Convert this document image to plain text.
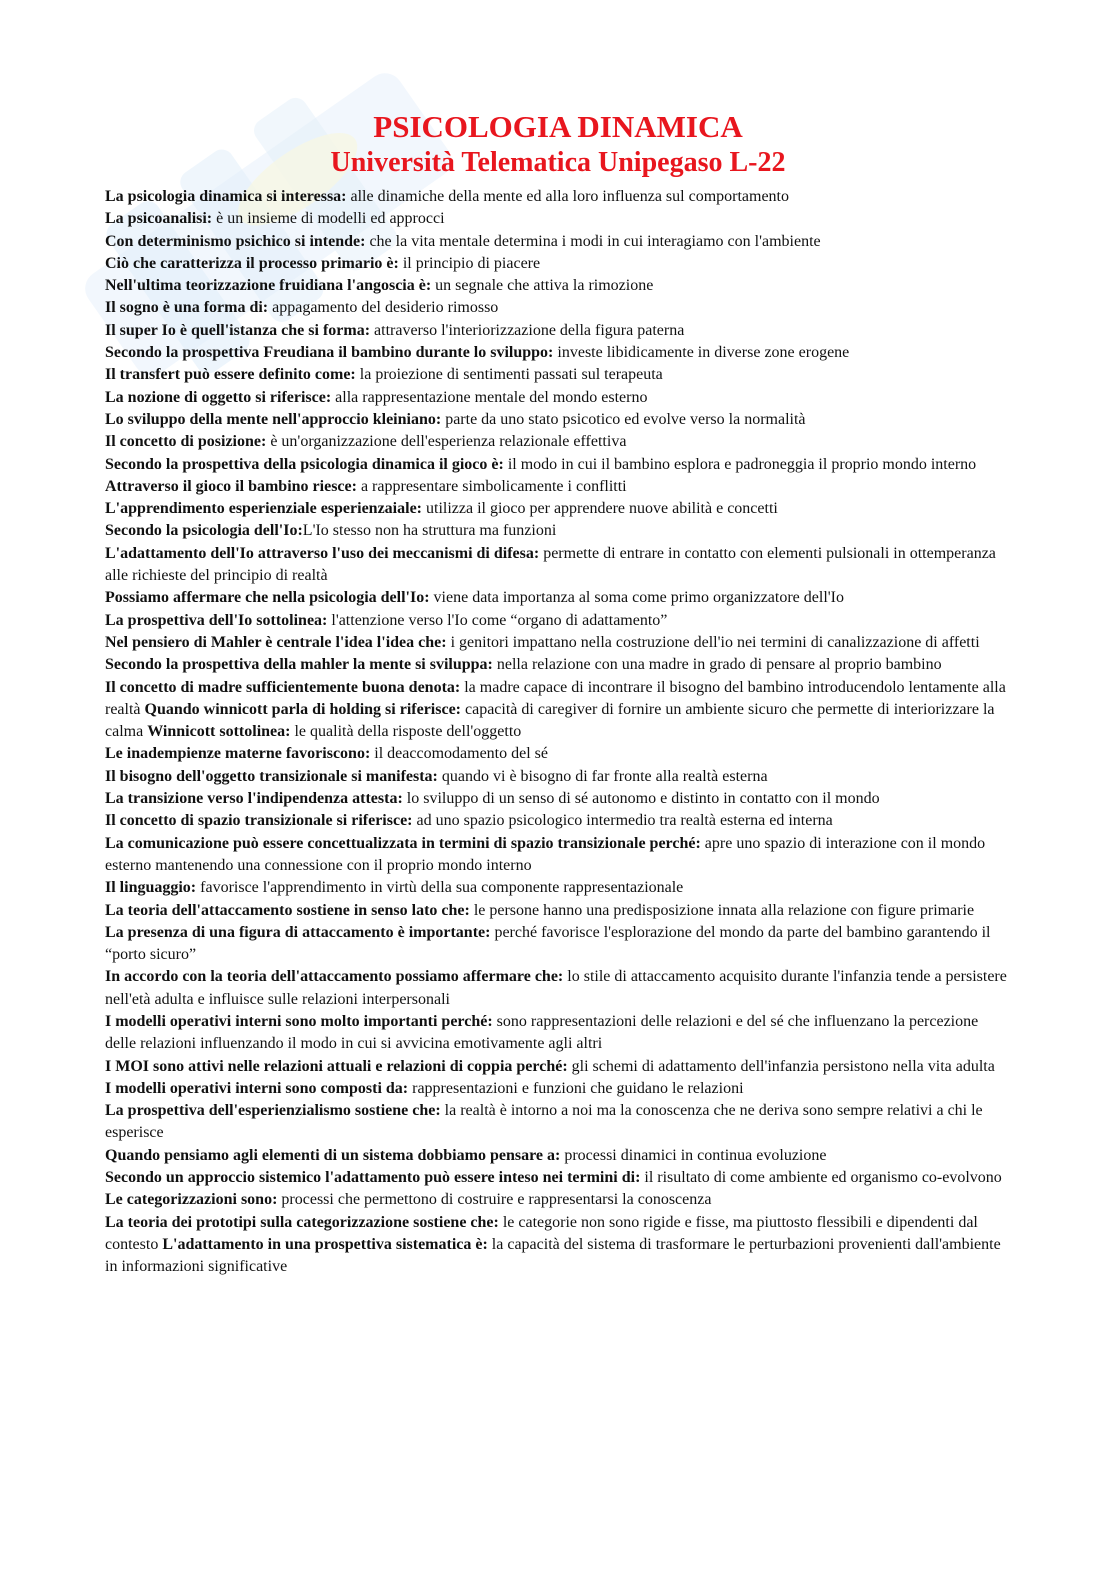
PSICOLOGIA DINAMICA
Università Telematica Unipegaso L-22

La psicologia dinamica si interessa: alle dinamiche della mente ed alla loro influenza sul comportamento

La psicoanalisi: è un insieme di modelli ed approcci

Con determinismo psichico si intende: che la vita mentale determina i modi in cui interagiamo con l'ambiente

Ciò che caratterizza il processo primario è: il principio di piacere

Nell'ultima teorizzazione fruidiana l'angoscia è: un segnale che attiva la rimozione

Il sogno è una forma di: appagamento del desiderio rimosso

Il super Io è quell'istanza che si forma: attraverso l'interiorizzazione della figura paterna

Secondo la prospettiva Freudiana il bambino durante lo sviluppo: investe libidicamente in diverse zone erogene

Il transfert può essere definito come: la proiezione di sentimenti passati sul terapeuta

La nozione di oggetto si riferisce: alla rappresentazione mentale del mondo esterno

Lo sviluppo della mente nell'approccio kleiniano: parte da uno stato psicotico ed evolve verso la normalità

Il concetto di posizione: è un'organizzazione dell'esperienza relazionale effettiva

Secondo la prospettiva della psicologia dinamica il gioco è: il modo in cui il bambino esplora e padroneggia il proprio mondo interno

Attraverso il gioco il bambino riesce: a rappresentare simbolicamente i conflitti

L'apprendimento esperienziale esperienzaiale: utilizza il gioco per apprendere nuove abilità e concetti

Secondo la psicologia dell'Io:L'Io stesso non ha struttura ma funzioni

L'adattamento dell'Io attraverso l'uso dei meccanismi di difesa: permette di entrare in contatto con elementi pulsionali in ottemperanza alle richieste del principio di realtà

Possiamo affermare che nella psicologia dell'Io: viene data importanza al soma come primo organizzatore dell'Io

La prospettiva dell'Io sottolinea: l'attenzione verso l'Io come “organo di adattamento”

Nel pensiero di Mahler è centrale l'idea l'idea che: i genitori impattano nella costruzione dell'io nei termini di canalizzazione di affetti

Secondo la prospettiva della mahler la mente si sviluppa: nella relazione con una madre in grado di pensare al proprio bambino

Il concetto di madre sufficientemente buona denota: la madre capace di incontrare il bisogno del bambino introducendolo lentamente alla realtà Quando winnicott parla di holding si riferisce: capacità di caregiver di fornire un ambiente sicuro che permette di interiorizzare la calma Winnicott sottolinea: le qualità della risposte dell'oggetto

Le inadempienze materne favoriscono: il deaccomodamento del sé

Il bisogno dell'oggetto transizionale si manifesta: quando vi è bisogno di far fronte alla realtà esterna

La transizione verso l'indipendenza attesta: lo sviluppo di un senso di sé autonomo e distinto in contatto con il mondo

Il concetto di spazio transizionale si riferisce: ad uno spazio psicologico intermedio tra realtà esterna ed interna

La comunicazione può essere concettualizzata in termini di spazio transizionale perché: apre uno spazio di interazione con il mondo esterno mantenendo una connessione con il proprio mondo interno

Il linguaggio: favorisce l'apprendimento in virtù della sua componente rappresentazionale

La teoria dell'attaccamento sostiene in senso lato che: le persone hanno una predisposizione innata alla relazione con figure primarie

La presenza di una figura di attaccamento è importante: perché favorisce l'esplorazione del mondo da parte del bambino garantendo il “porto sicuro”

In accordo con la teoria dell'attaccamento possiamo affermare che: lo stile di attaccamento acquisito durante l'infanzia tende a persistere nell'età adulta e influisce sulle relazioni interpersonali

I modelli operativi interni sono molto importanti perché: sono rappresentazioni delle relazioni e del sé che influenzano la percezione delle relazioni influenzando il modo in cui si avvicina emotivamente agli altri

I MOI sono attivi nelle relazioni attuali e relazioni di coppia perché: gli schemi di adattamento dell'infanzia persistono nella vita adulta

I modelli operativi interni sono composti da: rappresentazioni e funzioni che guidano le relazioni

La prospettiva dell'esperienzialismo sostiene che: la realtà è intorno a noi ma la conoscenza che ne deriva sono sempre relativi a chi le esperisce

Quando pensiamo agli elementi di un sistema dobbiamo pensare a: processi dinamici in continua evoluzione

Secondo un approccio sistemico l'adattamento può essere inteso nei termini di: il risultato di come ambiente ed organismo co-evolvono

Le categorizzazioni sono: processi che permettono di costruire e rappresentarsi la conoscenza

La teoria dei prototipi sulla categorizzazione sostiene che: le categorie non sono rigide e fisse, ma piuttosto flessibili e dipendenti dal contesto L'adattamento in una prospettiva sistematica è: la capacità del sistema di trasformare le perturbazioni provenienti dall'ambiente in informazioni significative
